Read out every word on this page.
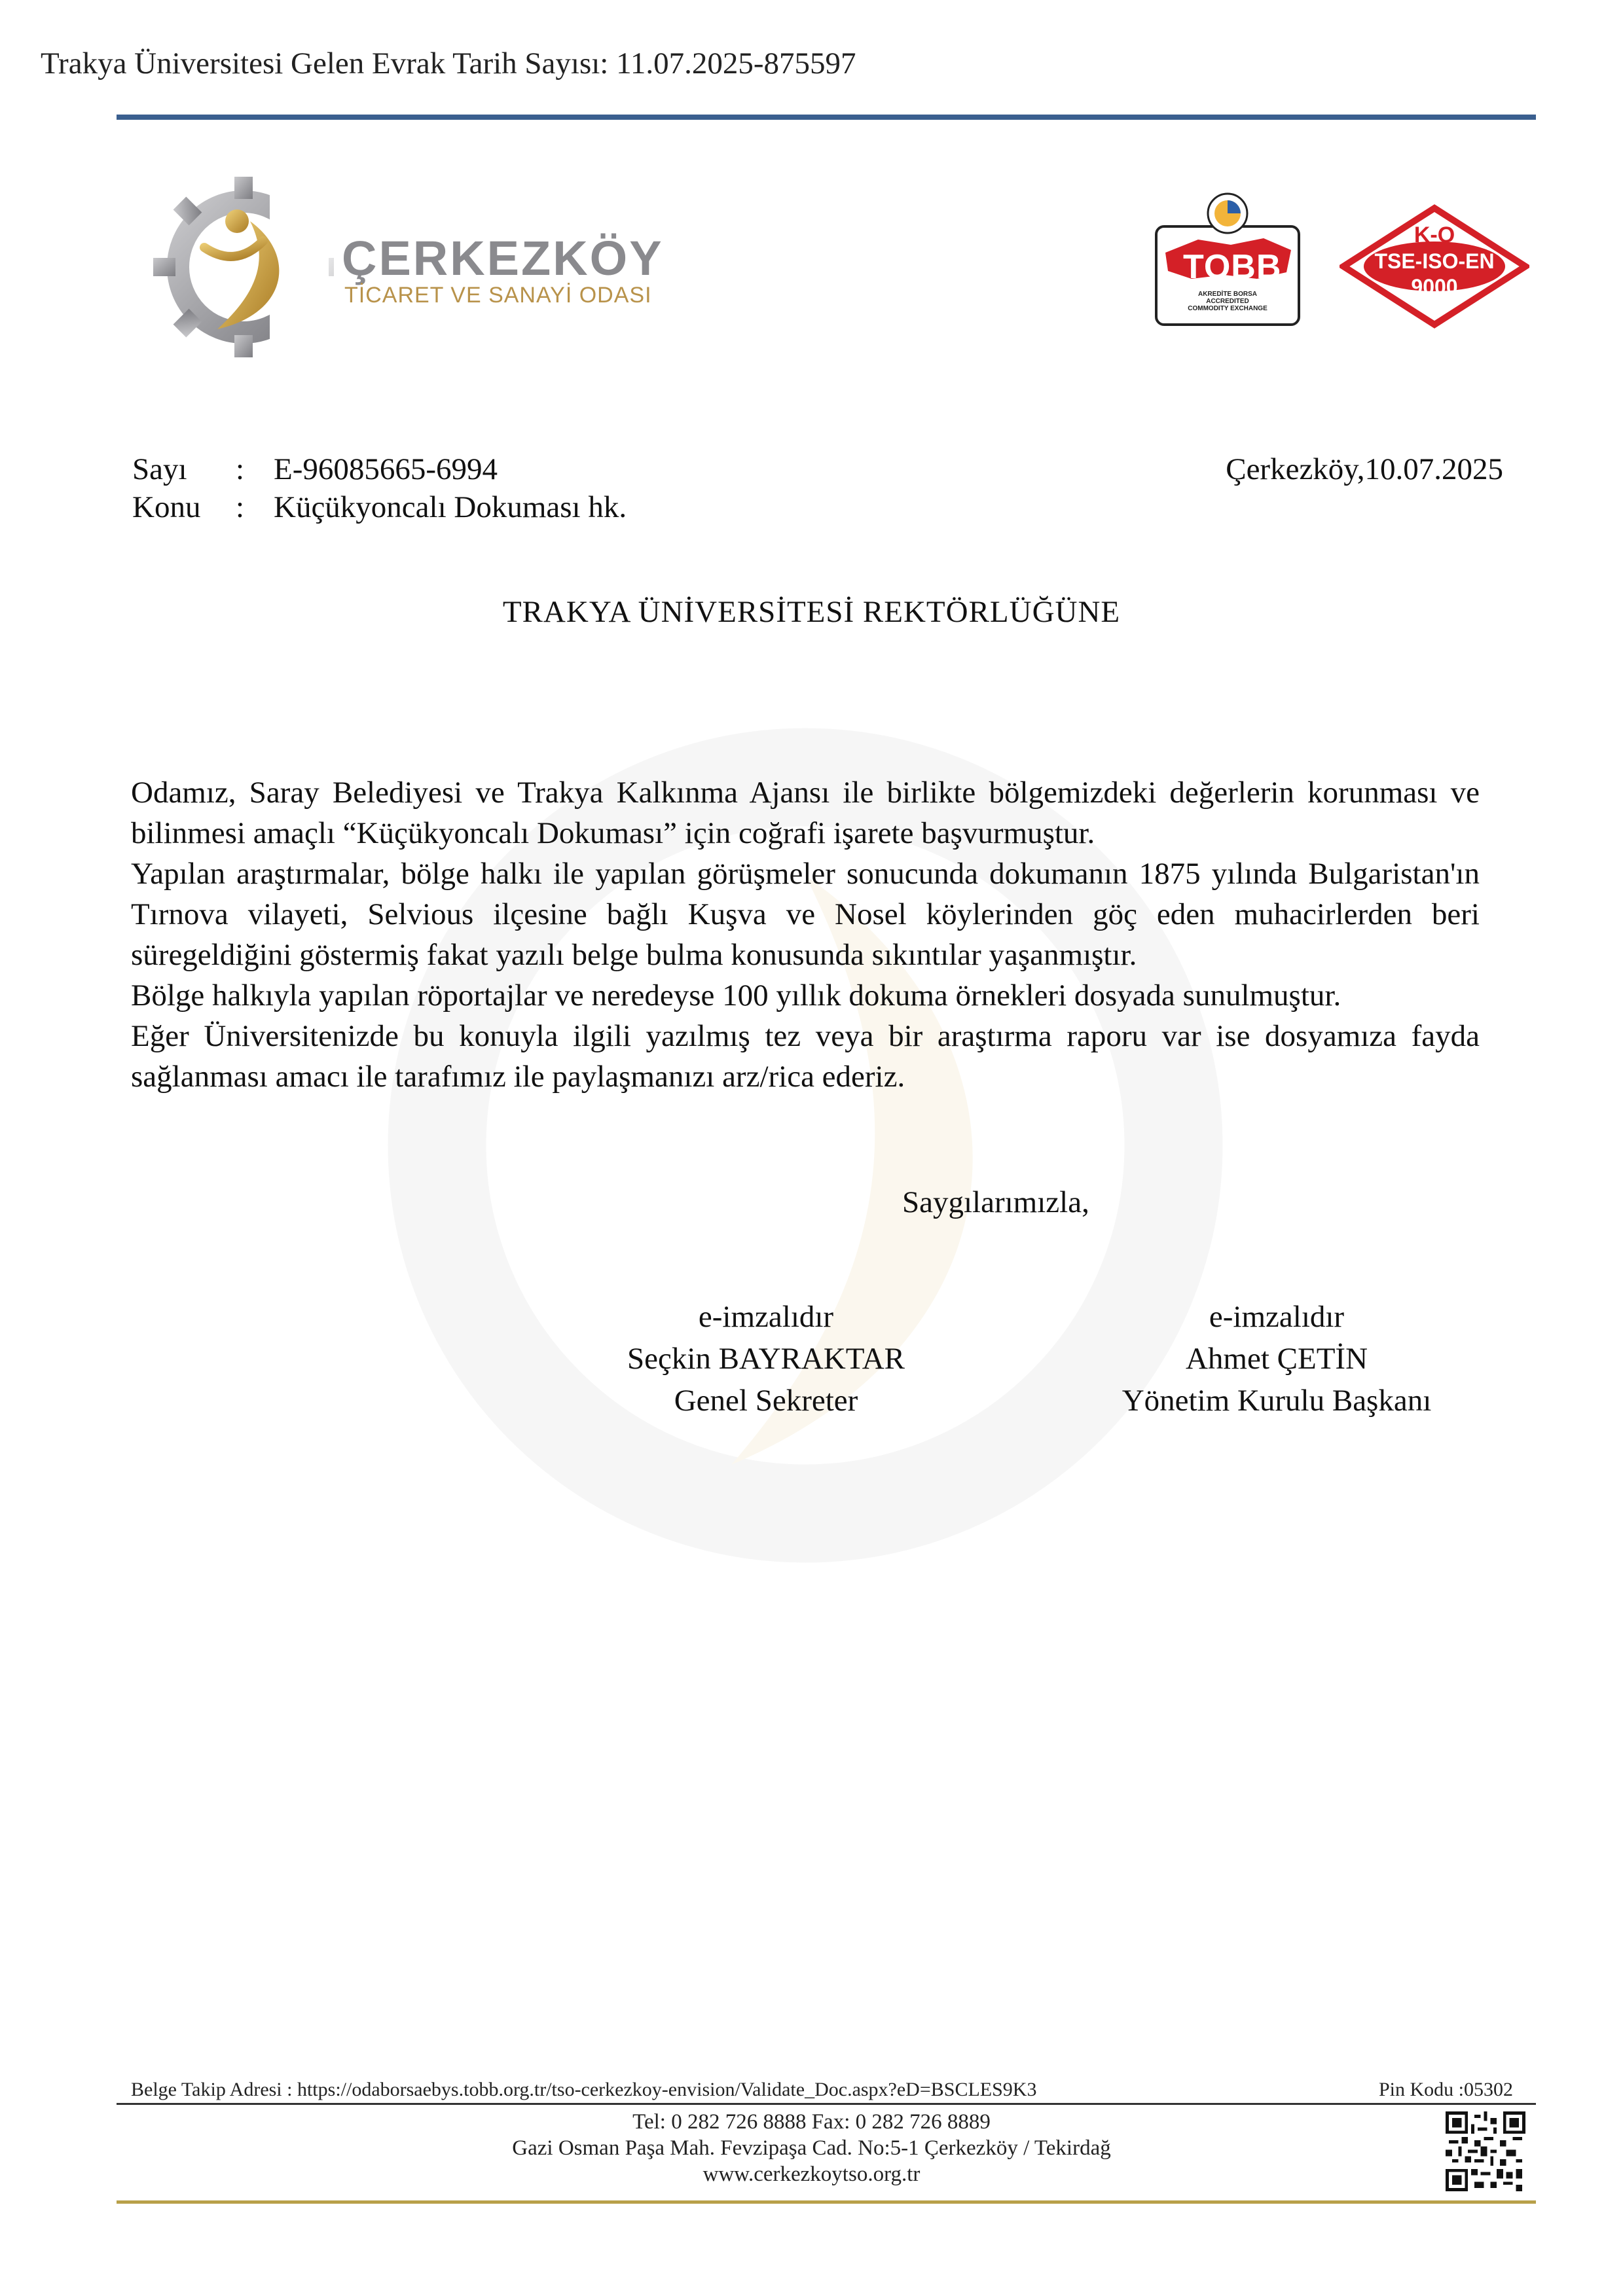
Trakya Üniversitesi Gelen Evrak Tarih Sayısı: 11.07.2025-875597
ÇERKEZKÖY
TİCARET VE SANAYİ ODASI
TOBB
AKREDİTE BORSA
ACCREDITED
COMMODITY EXCHANGE
K-Q
TSE-ISO-EN
9000
Sayı : E-96085665-6994
Konu : Küçükyoncalı Dokuması hk.
Çerkezköy,10.07.2025
TRAKYA ÜNİVERSİTESİ REKTÖRLÜĞÜNE

Odamız, Saray Belediyesi ve Trakya Kalkınma Ajansı ile birlikte bölgemizdeki değerlerin korunması ve bilinmesi amaçlı “Küçükyoncalı Dokuması” için coğrafi işarete başvurmuştur.

Yapılan araştırmalar, bölge halkı ile yapılan görüşmeler sonucunda dokumanın 1875 yılında Bulgaristan'ın Tırnova vilayeti, Selvious ilçesine bağlı Kuşva ve Nosel köylerinden göç eden muhacirlerden beri süregeldiğini göstermiş fakat yazılı belge bulma konusunda sıkıntılar yaşanmıştır.

Bölge halkıyla yapılan röportajlar ve neredeyse 100 yıllık dokuma örnekleri dosyada sunulmuştur.

Eğer Üniversitenizde bu konuyla ilgili yazılmış tez veya bir araştırma raporu var ise dosyamıza fayda sağlanması amacı ile tarafımız ile paylaşmanızı arz/rica ederiz.

Saygılarımızla,
e-imzalıdır
Seçkin BAYRAKTAR
Genel Sekreter
e-imzalıdır
Ahmet ÇETİN
Yönetim Kurulu Başkanı
Belge Takip Adresi : https://odaborsaebys.tobb.org.tr/tso-cerkezkoy-envision/Validate_Doc.aspx?eD=BSCLES9K3	Pin Kodu :05302
Tel: 0 282 726 8888 Fax: 0 282 726 8889
Gazi Osman Paşa Mah. Fevzipaşa Cad. No:5-1 Çerkezköy / Tekirdağ
www.cerkezkoytso.org.tr
